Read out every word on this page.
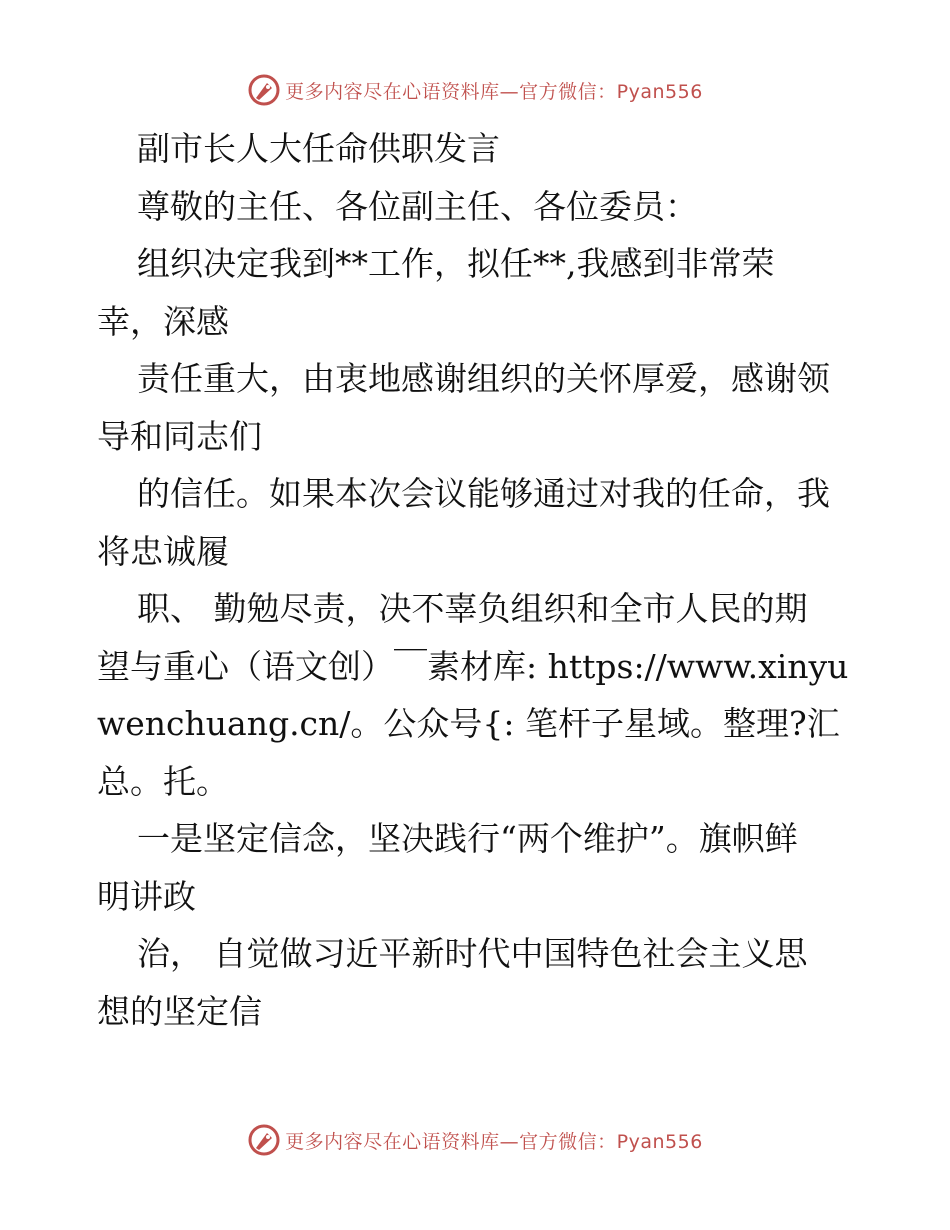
更多内容尽在心语资料库—官方微信：Pyan556
副市长人大任命供职发言
尊敬的主任、各位副主任、各位委员：
组织决定我到**工作，拟任**,我感到非常荣
幸，深感
责任重大，由衷地感谢组织的关怀厚爱，感谢领
导和同志们
的信任。如果本次会议能够通过对我的任命，我
将忠诚履
职、 勤勉尽责，决不辜负组织和全市人民的期
望与重心（语文创）￣素材库: https://www.xinyu
wenchuang.cn/。公众号{: 笔杆子星域。整理?汇
总。托。
一是坚定信念，坚决践行“两个维护”。旗帜鲜
明讲政
治， 自觉做习近平新时代中国特色社会主义思
想的坚定信
更多内容尽在心语资料库—官方微信：Pyan556
